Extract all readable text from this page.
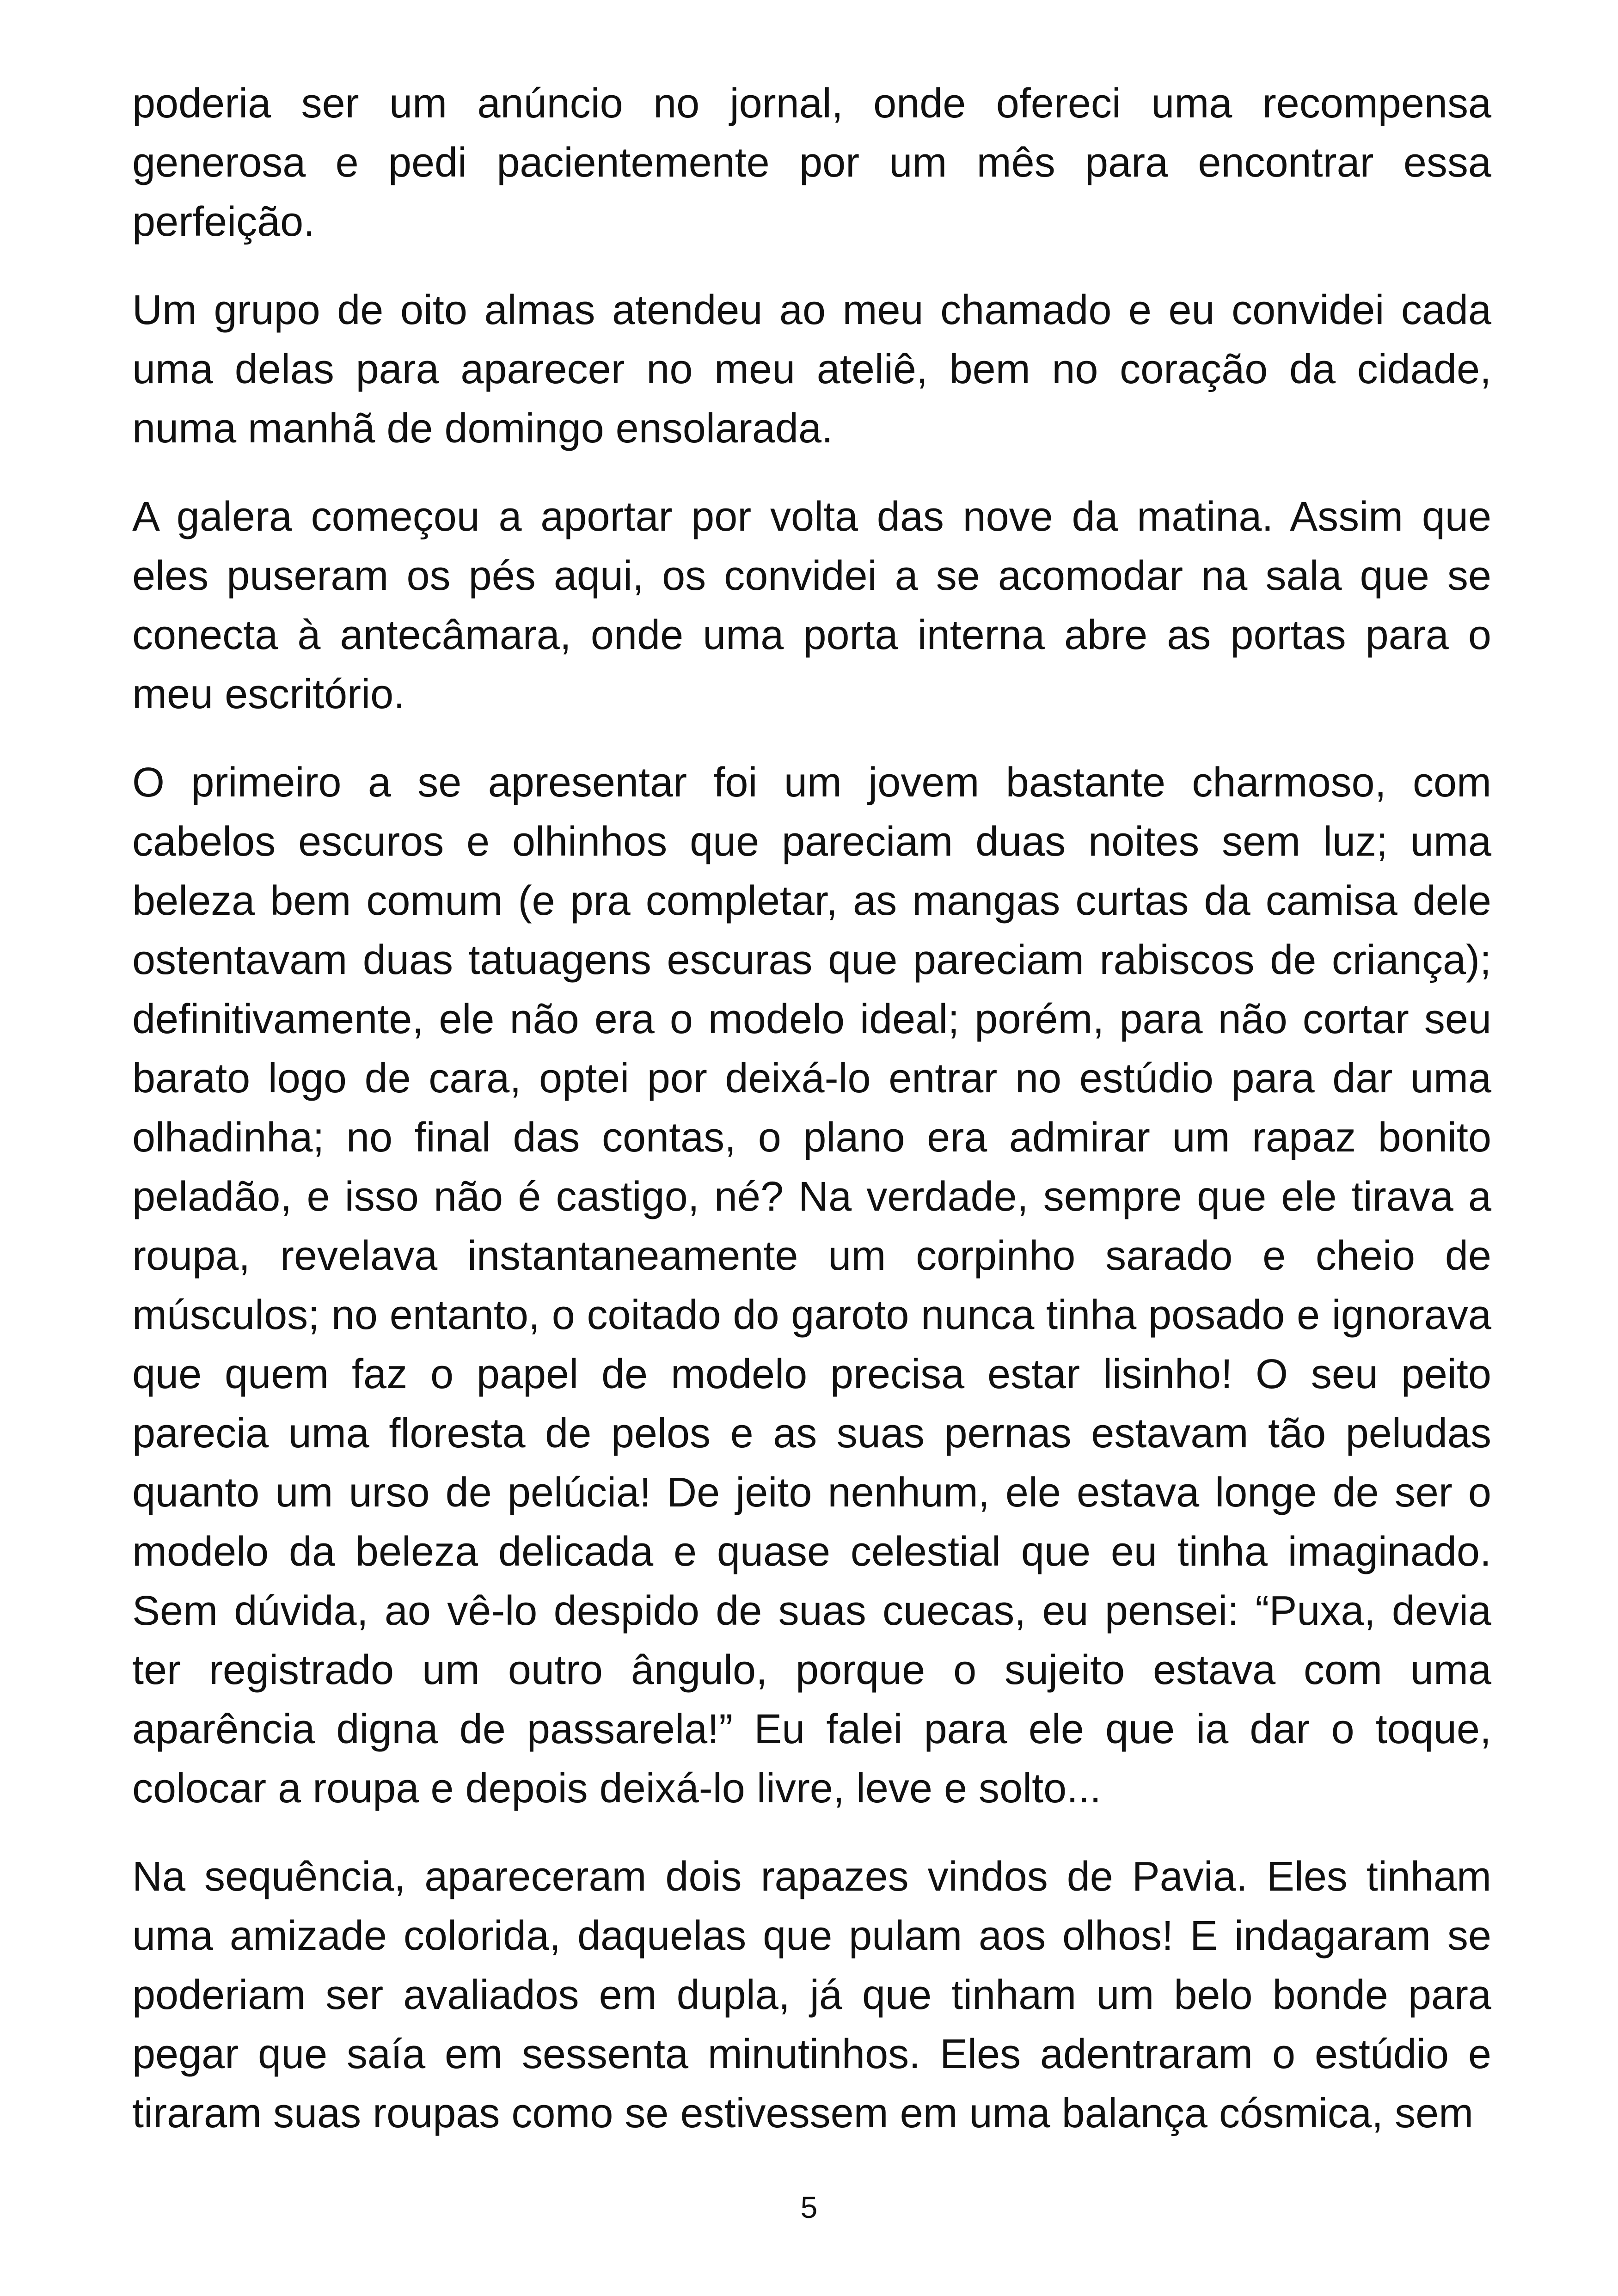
poderia ser um anúncio no jornal, onde ofereci uma recompensa generosa e pedi pacientemente por um mês para encontrar essa perfeição.

Um grupo de oito almas atendeu ao meu chamado e eu convidei cada uma delas para aparecer no meu ateliê, bem no coração da cidade, numa manhã de domingo ensolarada.

A galera começou a aportar por volta das nove da matina. Assim que eles puseram os pés aqui, os convidei a se acomodar na sala que se conecta à antecâmara, onde uma porta interna abre as portas para o meu escritório.

O primeiro a se apresentar foi um jovem bastante charmoso, com cabelos escuros e olhinhos que pareciam duas noites sem luz; uma beleza bem comum (e pra completar, as mangas curtas da camisa dele ostentavam duas tatuagens escuras que pareciam rabiscos de criança); definitivamente, ele não era o modelo ideal; porém, para não cortar seu barato logo de cara, optei por deixá-lo entrar no estúdio para dar uma olhadinha; no final das contas, o plano era admirar um rapaz bonito peladão, e isso não é castigo, né? Na verdade, sempre que ele tirava a roupa, revelava instantaneamente um corpinho sarado e cheio de músculos; no entanto, o coitado do garoto nunca tinha posado e ignorava que quem faz o papel de modelo precisa estar lisinho! O seu peito parecia uma floresta de pelos e as suas pernas estavam tão peludas quanto um urso de pelúcia! De jeito nenhum, ele estava longe de ser o modelo da beleza delicada e quase celestial que eu tinha imaginado. Sem dúvida, ao vê-lo despido de suas cuecas, eu pensei: “Puxa, devia ter registrado um outro ângulo, porque o sujeito estava com uma aparência digna de passarela!” Eu falei para ele que ia dar o toque, colocar a roupa e depois deixá-lo livre, leve e solto...

Na sequência, apareceram dois rapazes vindos de Pavia. Eles tinham uma amizade colorida, daquelas que pulam aos olhos! E indagaram se poderiam ser avaliados em dupla, já que tinham um belo bonde para pegar que saía em sessenta minutinhos. Eles adentraram o estúdio e tiraram suas roupas como se estivessem em uma balança cósmica, sem

5
